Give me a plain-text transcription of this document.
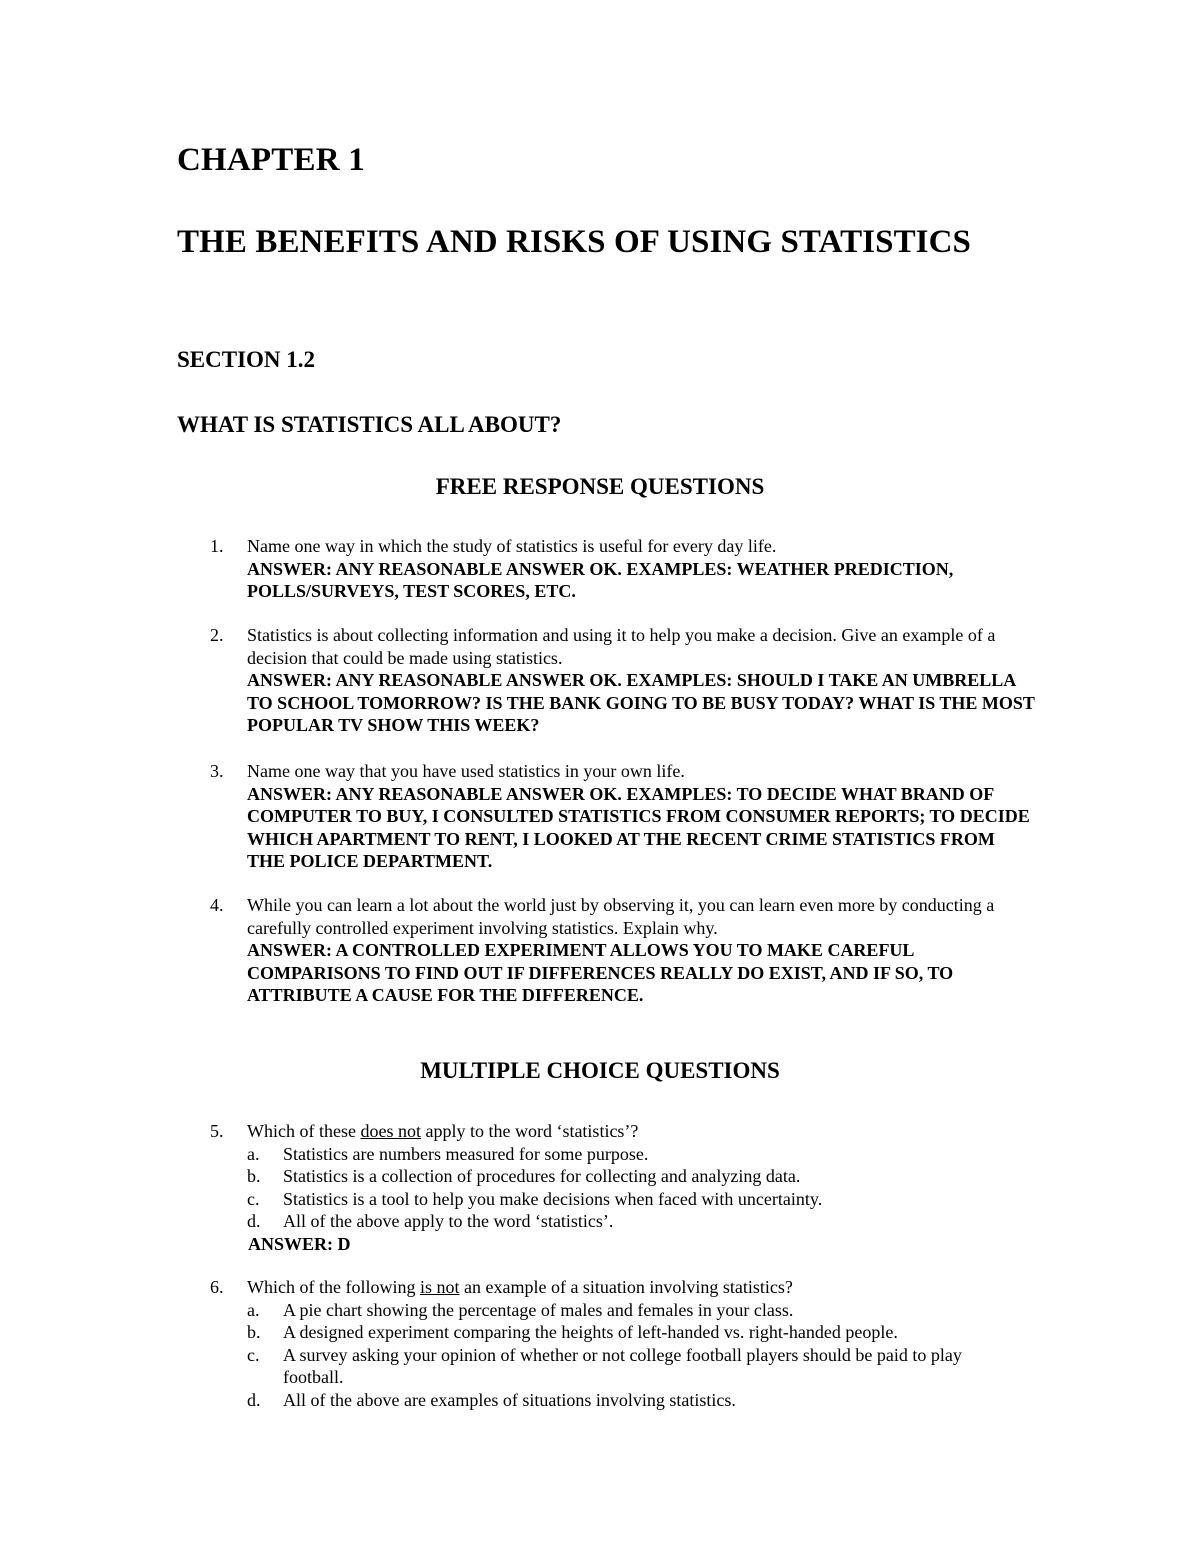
CHAPTER 1
THE BENEFITS AND RISKS OF USING STATISTICS
SECTION 1.2
WHAT IS STATISTICS ALL ABOUT?
FREE RESPONSE QUESTIONS
1.	Name one way in which the study of statistics is useful for every day life.
ANSWER: ANY REASONABLE ANSWER OK. EXAMPLES: WEATHER PREDICTION, POLLS/SURVEYS, TEST SCORES, ETC.
2.	Statistics is about collecting information and using it to help you make a decision. Give an example of a decision that could be made using statistics.
ANSWER: ANY REASONABLE ANSWER OK. EXAMPLES: SHOULD I TAKE AN UMBRELLA TO SCHOOL TOMORROW? IS THE BANK GOING TO BE BUSY TODAY? WHAT IS THE MOST POPULAR TV SHOW THIS WEEK?
3.	Name one way that you have used statistics in your own life.
ANSWER: ANY REASONABLE ANSWER OK. EXAMPLES: TO DECIDE WHAT BRAND OF COMPUTER TO BUY, I CONSULTED STATISTICS FROM CONSUMER REPORTS; TO DECIDE WHICH APARTMENT TO RENT, I LOOKED AT THE RECENT CRIME STATISTICS FROM THE POLICE DEPARTMENT.
4.	While you can learn a lot about the world just by observing it, you can learn even more by conducting a carefully controlled experiment involving statistics. Explain why.
ANSWER: A CONTROLLED EXPERIMENT ALLOWS YOU TO MAKE CAREFUL COMPARISONS TO FIND OUT IF DIFFERENCES REALLY DO EXIST, AND IF SO, TO ATTRIBUTE A CAUSE FOR THE DIFFERENCE.
MULTIPLE CHOICE QUESTIONS
5.	Which of these does not apply to the word ‘statistics’?
a. Statistics are numbers measured for some purpose.
b. Statistics is a collection of procedures for collecting and analyzing data.
c. Statistics is a tool to help you make decisions when faced with uncertainty.
d. All of the above apply to the word ‘statistics’.
ANSWER: D
6.	Which of the following is not an example of a situation involving statistics?
a. A pie chart showing the percentage of males and females in your class.
b. A designed experiment comparing the heights of left-handed vs. right-handed people.
c. A survey asking your opinion of whether or not college football players should be paid to play football.
d. All of the above are examples of situations involving statistics.
